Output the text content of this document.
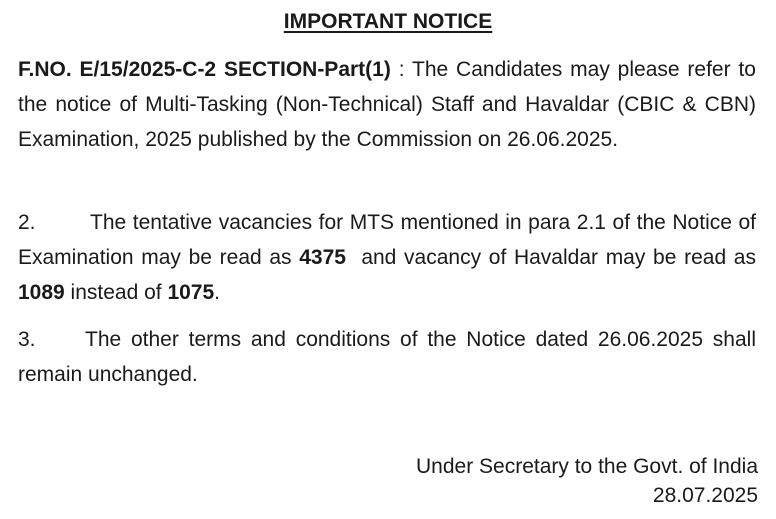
IMPORTANT NOTICE

F.NO. E/15/2025-C-2 SECTION-Part(1) : The Candidates may please refer to the notice of Multi-Tasking (Non-Technical) Staff and Havaldar (CBIC & CBN) Examination, 2025 published by the Commission on 26.06.2025.

2.	The tentative vacancies for MTS mentioned in para 2.1 of the Notice of Examination may be read as 4375  and vacancy of Havaldar may be read as 1089 instead of 1075.

3. The other terms and conditions of the Notice dated 26.06.2025 shall remain unchanged.

Under Secretary to the Govt. of India
28.07.2025
